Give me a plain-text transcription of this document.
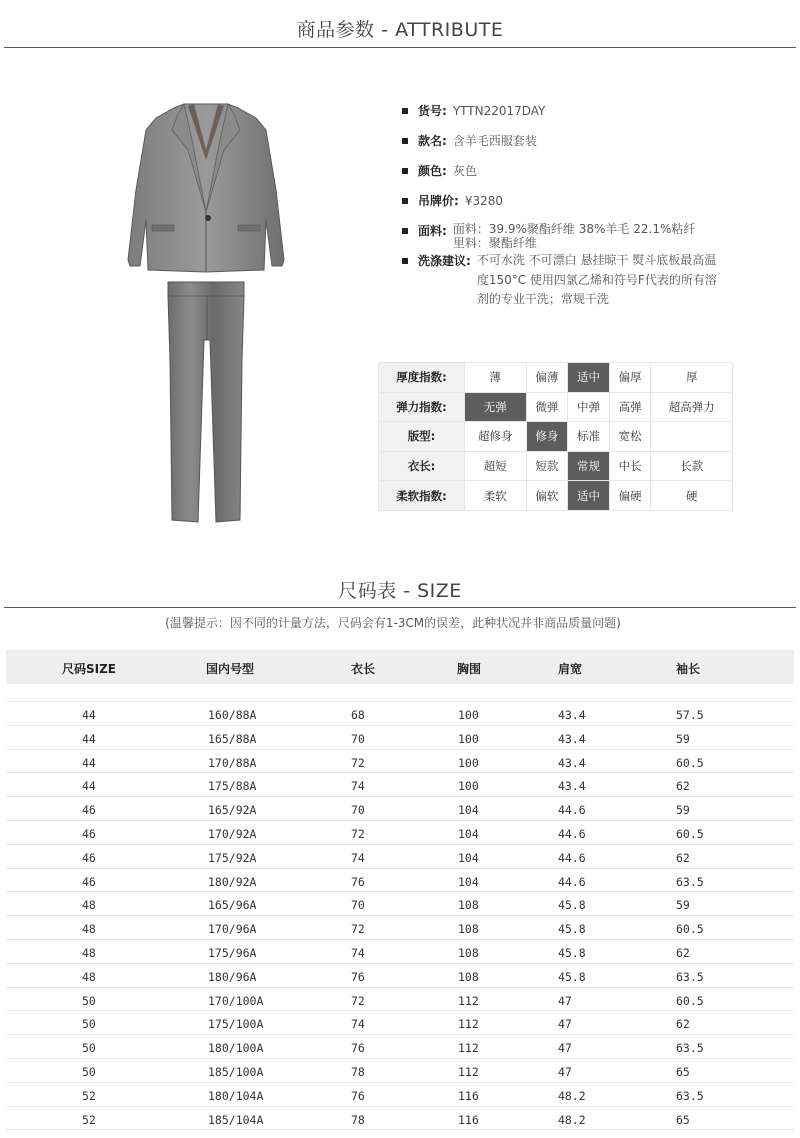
商品参数 - ATTRIBUTE
货号: YTTN22017DAY
款名: 含羊毛西服套装
颜色: 灰色
吊牌价: ¥3280
面料: 面料：39.9%聚酯纤维 38%羊毛 22.1%粘纤
里料：聚酯纤维
洗涤建议: 不可水洗 不可漂白 悬挂晾干 熨斗底板最高温度150°C 使用四氯乙烯和符号F代表的所有溶剂的专业干洗；常规干洗
厚度指数:	薄	偏薄	适中	偏厚	厚
弹力指数:	无弹	微弹	中弹	高弹	超高弹力
版型:	超修身	修身	标准	宽松	
衣长:	超短	短款	常规	中长	长款
柔软指数:	柔软	偏软	适中	偏硬	硬
尺码表 - SIZE
(温馨提示：因不同的计量方法，尺码会有1-3CM的误差，此种状况并非商品质量问题)
尺码SIZE	国内号型	衣长	胸围	肩宽	袖长
44	160/88A	68	100	43.4	57.5
44	165/88A	70	100	43.4	59
44	170/88A	72	100	43.4	60.5
44	175/88A	74	100	43.4	62
46	165/92A	70	104	44.6	59
46	170/92A	72	104	44.6	60.5
46	175/92A	74	104	44.6	62
46	180/92A	76	104	44.6	63.5
48	165/96A	70	108	45.8	59
48	170/96A	72	108	45.8	60.5
48	175/96A	74	108	45.8	62
48	180/96A	76	108	45.8	63.5
50	170/100A	72	112	47	60.5
50	175/100A	74	112	47	62
50	180/100A	76	112	47	63.5
50	185/100A	78	112	47	65
52	180/104A	76	116	48.2	63.5
52	185/104A	78	116	48.2	65
